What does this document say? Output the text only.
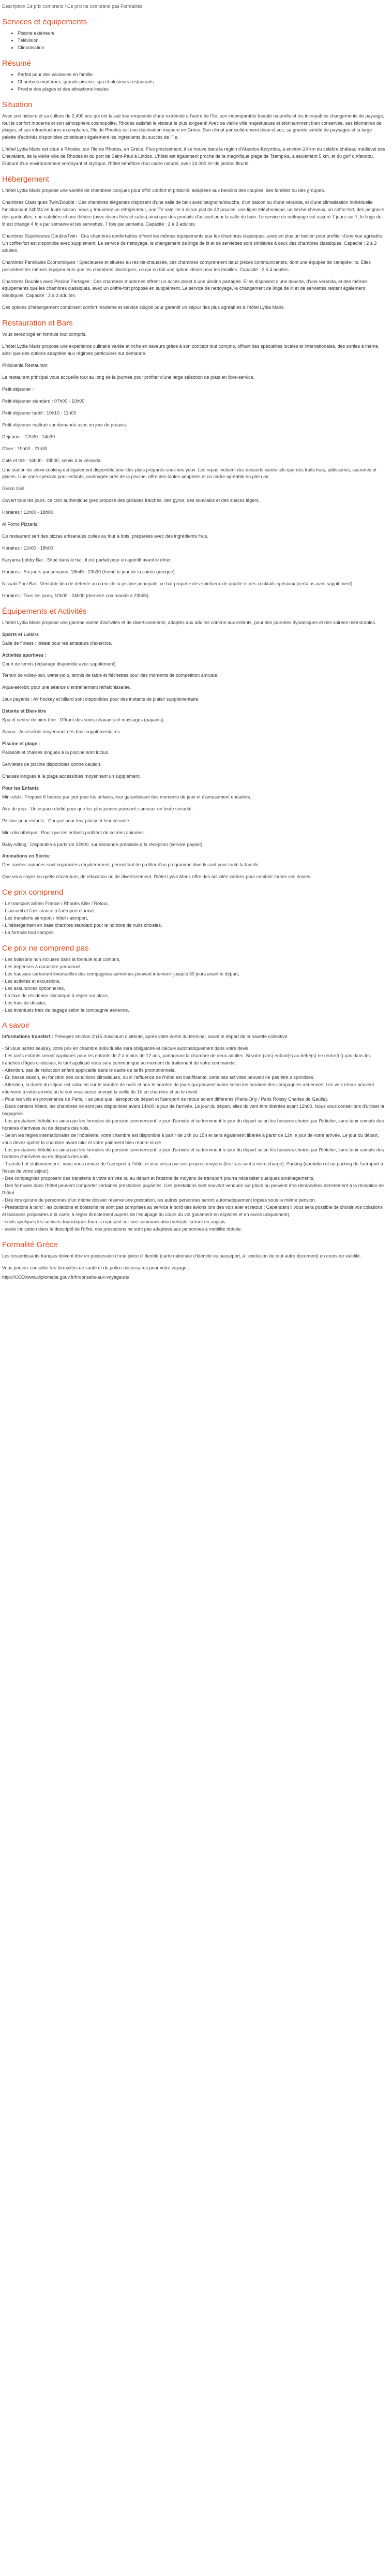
Description Ce prix comprend / Ce prix ne comprend pas Formalités

Services et équipements
• Piscine extérieure
• Télévision
• Climatisation
Résumé
• Parfait pour des vacances en famille
• Chambres modernes, grande piscine, spa et plusieurs restaurants
• Proche des plages et des attractions locales
Situation

Avec son histoire et sa culture de 2,400 ans qui ont laissé leur empreinte d'une extrémité à l'autre de l'île, son incomparable beauté naturelle et les incroyables changements de paysage, tout le confort moderne et son atmosphère cosmopolite, Rhodes satisfait le visiteur le plus exigeant! Avec sa vieille ville majestueuse et étonnamment bien conservée, ses kilomètres de plages, et ses infrastructures exemplaires, l'île de Rhodes est une destination majeure en Grèce. Son climat particulièrement doux et sec, sa grande variété de paysages et la large palette d'activités disponibles constituent également les ingrédients du succès de l'île.

L'hôtel Lydia Maris est situé à Rhodes, sur l'île de Rhodes, en Grèce. Plus précisément, il se trouve dans la région d'Afandou-Kolymbia, à environ 24 km du célèbre château médiéval des Chevaliers, de la vieille ville de Rhodes et du port de Saint-Paul à Lindos. L'hôtel est également proche de la magnifique plage de Tsampika, à seulement 5 km, et du golf d'Afandou. Entouré d'un environnement verdoyant et idyllique, l'hôtel bénéficie d'un cadre naturel, avec 24 000 m² de jardins fleuris.

Hébergement

L'hôtel Lydia Maris propose une variété de chambres conçues pour offrir confort et praticité, adaptées aux besoins des couples, des familles ou des groupes.

Chambres Classiques Twin/Double : Ces chambres élégantes disposent d'une salle de bain avec baignoire/douche, d'un balcon ou d'une véranda, et d'une climatisation individuelle fonctionnant 24h/24 en toute saison. Vous y trouverez un réfrigérateur, une TV satellite à écran plat de 32 pouces, une ligne téléphonique, un sèche-cheveux, un coffre-fort, des peignoirs, des pantoufles, une cafetière et une théière (avec divers thés et cafés) ainsi que des produits d'accueil pour la salle de bain. Le service de nettoyage est assuré 7 jours sur 7, le linge de lit est changé 4 fois par semaine et les serviettes, 7 fois par semaine. Capacité : 2 à 3 adultes.

Chambres Supérieures Double/Twin : Ces chambres confortables offrent les mêmes équipements que les chambres classiques, avec en plus un balcon pour profiter d'une vue agréable. Un coffre-fort est disponible avec supplément. Le service de nettoyage, le changement de linge de lit et de serviettes sont similaires à ceux des chambres classiques. Capacité : 2 à 3 adultes.

Chambres Familiales Économiques : Spacieuses et situées au rez-de-chaussée, ces chambres comprennent deux pièces communicantes, dont une équipée de canapés-lits. Elles possèdent les mêmes équipements que les chambres classiques, ce qui en fait une option idéale pour les familles. Capacité : 2 à 4 adultes.

Chambres Doubles avec Piscine Partagée : Ces chambres modernes offrent un accès direct à une piscine partagée. Elles disposent d'une douche, d'une véranda, et des mêmes équipements que les chambres classiques, avec un coffre-fort proposé en supplément. Le service de nettoyage, le changement de linge de lit et de serviettes restent également identiques. Capacité : 2 à 3 adultes.

Ces options d'hébergement combinent confort moderne et service soigné pour garantir un séjour des plus agréables à l'hôtel Lydia Maris.

Restauration et Bars

Vous serez logé en formule tout compris.

L'hôtel Lydia Maris propose une expérience culinaire variée et riche en saveurs grâce à son concept tout compris, offrant des spécialités locales et internationales, des sorties à thème, ainsi que des options adaptées aux régimes particuliers sur demande.

Philoxenia Restaurant

Le restaurant principal vous accueille tout au long de la journée pour profiter d'une large sélection de plats en libre-service.

Petit-déjeuner :

Petit-déjeuner standard : 07h00 - 10h00

Petit-déjeuner tardif : 10h10 - 11h00

Petit-déjeuner maltraé sur demande avec un jour de préavis.

Déjeuner : 12h30 - 14h30

Dîner : 19h00 - 21h30

Café et thé : 16h00 - 18h00, servis à la véranda.

Une station de show cooking est également disponible pour des plats préparés sous vos yeux. Les repas incluent des desserts variés tels que des fruits frais, pâtisseries, sucreries et glaces. Une zone spéciale pour enfants, aménagée près de la piscine, offre des tables adaptées et un cadre agréable en plein air.

Greco Grill

Ouvert tous les jours, ce coin authentique grec propose des grillades fraîches, des gyros, des souvlakis et des snacks légers.

Horaires : 11h00 - 18h00

Al Forno Pizzeria

Ce restaurant sert des pizzas artisanales cuites au four à bois, préparées avec des ingrédients frais.

Horaires : 11h00 - 18h00

Karyama Lobby Bar : Situé dans le hall, il est parfait pour un apéritif avant le dîner.

Horaires : Six jours par semaine, 18h45 - 23h30 (fermé le jour de la soirée grecque).

Nissaki Pool Bar : Véritable lieu de détente au cœur de la piscine principale, ce bar propose des spiritueux de qualité et des cocktails spéciaux (certains avec supplément).

Horaires : Tous les jours, 10h00 - 24h00 (dernière commande à 23h55).

Équipements et Activités

L'hôtel Lydia Maris propose une gamme variée d'activités et de divertissements, adaptés aux adultes comme aux enfants, pour des journées dynamiques et des soirées mémorables.

Sports et Loisirs

Salle de fitness : Idéale pour les amateurs d'exercice.

Activités sportives :

Court de tennis (éclairage disponible avec supplément).

Terrain de volley-ball, water-polo, tennis de table et fléchettes pour des moments de compétition amicale.

Aqua-aérobic pour une séance d'entraînement rafraîchissante.

Jeux payants : Air hockey et billard sont disponibles pour des instants de plaisir supplémentaire.

Détente et Bien-être

Spa et centre de bien-être : Offrant des soins relaxants et massages (payants).

Sauna : Accessible moyennant des frais supplémentaires.

Piscine et plage :

Parasols et chaises longues à la piscine sont inclus.

Serviettes de piscine disponibles contre caution.

Chaises longues à la plage accessibles moyennant un supplément.

Pour les Enfants

Mini-club : Proposé 6 heures par jour pour les enfants, leur garantissant des moments de jeux et d'amusement encadrés.

Aire de jeux : Un espace dédié pour que les plus jeunes puissent s'amuser en toute sécurité.

Piscine pour enfants : Conçue pour leur plaisir et leur sécurité.

Mini-discothèque : Pour que les enfants profitent de soirées animées.

Baby-sitting : Disponible à partir de 22h00, sur demande préalable à la réception (service payant).

Animations en Soirée

Des soirées animées sont organisées régulièrement, permettant de profiter d'un programme divertissant pour toute la famille.

Que vous soyez en quête d'aventure, de relaxation ou de divertissement, l'hôtel Lydia Maris offre des activités variées pour combler toutes vos envies.

Ce prix comprend
- Le transport aérien France / Rhodes Aller / Retour,
- L'accueil et l'assistance à l'aéroport d'arrivé,
- Les transferts aéroport / hôtel / aéroport,
- L'hébergement en base chambre standard pour le nombre de nuits choisies,
- La formule tout compris.
Ce prix ne comprend pas
- Les boissons non incluses dans la formule tout compris,
- Les dépenses à caractère personnel,
- Les hausses carburant éventuelles des compagnies aériennes pouvant intervenir jusqu'à 30 jours avant le départ,
- Les activités et excursions,
- Les assurances optionnelles,
- La taxe de résidence climatique à régler sur place,
- Les frais de dossier,
- Les éventuels frais de bagage selon la compagnie aérienne.
A savoir

Informations transfert : Prévoyez environ 1h15 maximum d'attente, après votre sortie du terminal, avant le départ de la navette collective.

- Si vous partez seul(e), votre prix en chambre individuelle sera obligatoire et calculé automatiquement dans votre devis.
- Les tarifs enfants seront appliqués pour les enfants de 2 à moins de 12 ans, partageant la chambre de deux adultes. Si votre (vos) enfant(s) au bébé(s) ne rentre(nt) pas dans les tranches d'âges ci-dessus, le tarif appliqué vous sera communiqué au moment du traitement de votre commande.
- Attention, pas de réduction enfant applicable dans le cadre de tarifs promotionnels.
- En basse saison, en fonction des conditions climatiques, ou si l'affluence de l'hôtel est insuffisante, certaines activités peuvent ne pas être disponibles.
- Attention, la durée du séjour est calculée sur le nombre de nuits et non le nombre de jours qui peuvent varier selon les horaires des compagnies aériennes. Les vols retour peuvent intervenir à votre arrivée ou le soir vous serez envoyé la veille de 1h en chambre et ou le réveil.
- Pour les vols en provenance de Paris, il se peut que l'aéroport de départ et l'aéroport de retour soient différents (Paris-Orly / Paris Roissy Charles de Gaulle).
- Dans certains hôtels, les chambres ne sont pas disponibles avant 14h00 le jour de l'arrivée. Le jour du départ, elles doivent être libérées avant 12h00. Nous vous conseillons d'utiliser la bagagerie.
- Les prestations hôtelières ainsi que les formules de pension commencent le jour d'arrivée et se terminent le jour du départ selon les horaires choisis par l'hôtelier, sans tenir compte des horaires d'arrivées ou de départs des vols.
- Selon les règles internationales de l'hôtellerie, votre chambre est disponible à partir de 14h ou 15h et sera également libérée à partir de 12h le jour de votre arrivée. Le jour du départ, vous devez quitter la chambre avant midi et votre paiement bien rendre la clé.
- Les prestations hôtelières ainsi que les formules de pension commencent le jour d'arrivée et se terminent le jour du départ selon les horaires choisis par l'hôtelier, sans tenir compte des horaires d'arrivées ou de départs des vols.
- Transfert et stationnement : vous vous rendez de l'aéroport à l'hôtel et vice versa par vos propres moyens (les frais sont à votre charge). Parking (quotidien et au parking de l'aéroport à l'issue de votre séjour).
- Des compagnies proposent des transferts à votre arrivée ou au départ et l'attente de moyens de transport pourra nécessiter quelques aménagements.
- Des formules dans l'hôtel peuvent comporter certaines prestations payantes. Ces prestations sont souvent vendues sur place ou peuvent être demandées directement à la réception de l'hôtel.
- Dès lors qu'une de personnes d'un même dossier réserve une prestation, les autres personnes seront automatiquement logées sous la même pension.
- Prestations à bord : les collations et boissons ne sont pas comprises au service à bord des avions lors des vols aller et retour ; Cependant il vous sera possible de choisir vos collations et boissons proposées à la carte, à régler directement auprès de l'équipage du cours du vol (paiement en espèces et en euros uniquement).
- seuls quelques les services touristiques fournis reposent sur une communication verbale, seront en anglais
- seule indication dans le descriptif de l'offre, nos prestations ne sont pas adaptées aux personnes à mobilité réduite.
Formalité Grèce

Les ressortissants français doivent être en possession d'une pièce d'identité (carte nationale d'identité ou passeport, à l'exclusion de tout autre document) en cours de validité.

Vous pouvez consulter les formalités de santé et de police nécessaires pour votre voyage :

http://XXXXwww.diplomatie.gouv.fr/fr/conseils-aux-voyageurs/
